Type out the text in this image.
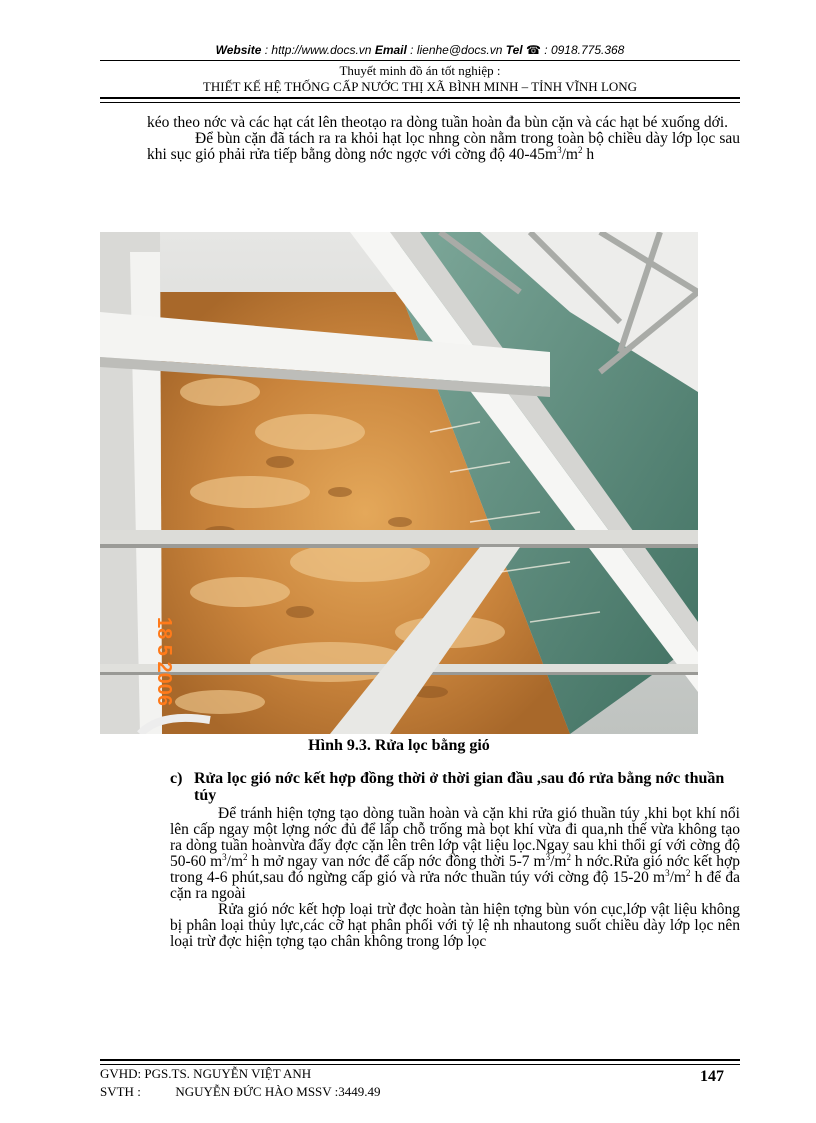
Website : http://www.docs.vn Email : lienhe@docs.vn Tel ☎ : 0918.775.368
Thuyết minh đồ án tốt nghiệp :
THIẾT KẾ HỆ THỐNG CẤP NƯỚC THỊ XÃ BÌNH MINH – TỈNH VĨNH LONG

kéo theo nớc và các hạt cát lên theotạo ra dòng tuần hoàn đa bùn cặn và các hạt bé xuống dới.

Để bùn cặn đã tách ra ra khỏi hạt lọc nhng còn nằm trong toàn bộ chiều dày lớp lọc sau khi sục gió phải rửa tiếp bằng dòng nớc ngợc với cờng độ $40-45m^3/m^2$ h

18 5 2006
Hình 9.3. Rửa lọc bằng gió
c) Rửa lọc gió nớc kết hợp đồng thời ở thời gian đầu ,sau đó rửa bằng nớc thuần túy

Để tránh hiện tợng tạo dòng tuần hoàn và cặn khi rửa gió thuần túy ,khi bọt khí nổi lên cấp ngay một lợng nớc đủ để lấp chỗ trống mà bọt khí vừa đi qua,nh thế vừa không tạo ra dòng tuần hoànvừa đẩy đợc cặn lên trên lớp vật liệu lọc.Ngay sau khi thổi gí với cờng độ 50-60 $m^3/m^2$ h mở ngay van nớc để cấp nớc đồng thời 5-7 $m^3/m^2$ h nớc.Rửa gió nớc kết hợp trong 4-6 phút,sau đó ngừng cấp gió và rửa nớc thuần túy với cờng độ 15-20 $m^3/m^2$ h để đa cặn ra ngoài

Rửa gió nớc kết hợp loại trừ đợc hoàn tàn hiện tợng bùn vón cục,lớp vật liệu không bị phân loại thủy lực,các cỡ hạt phân phối với tỷ lệ nh nhautong suốt chiều dày lớp lọc nên loại trừ đợc hiện tợng tạo chân không trong lớp lọc

GVHD: PGS.TS. NGUYỄN VIỆT ANH
SVTH :	NGUYỄN ĐỨC HÀO MSSV :3449.49
147
